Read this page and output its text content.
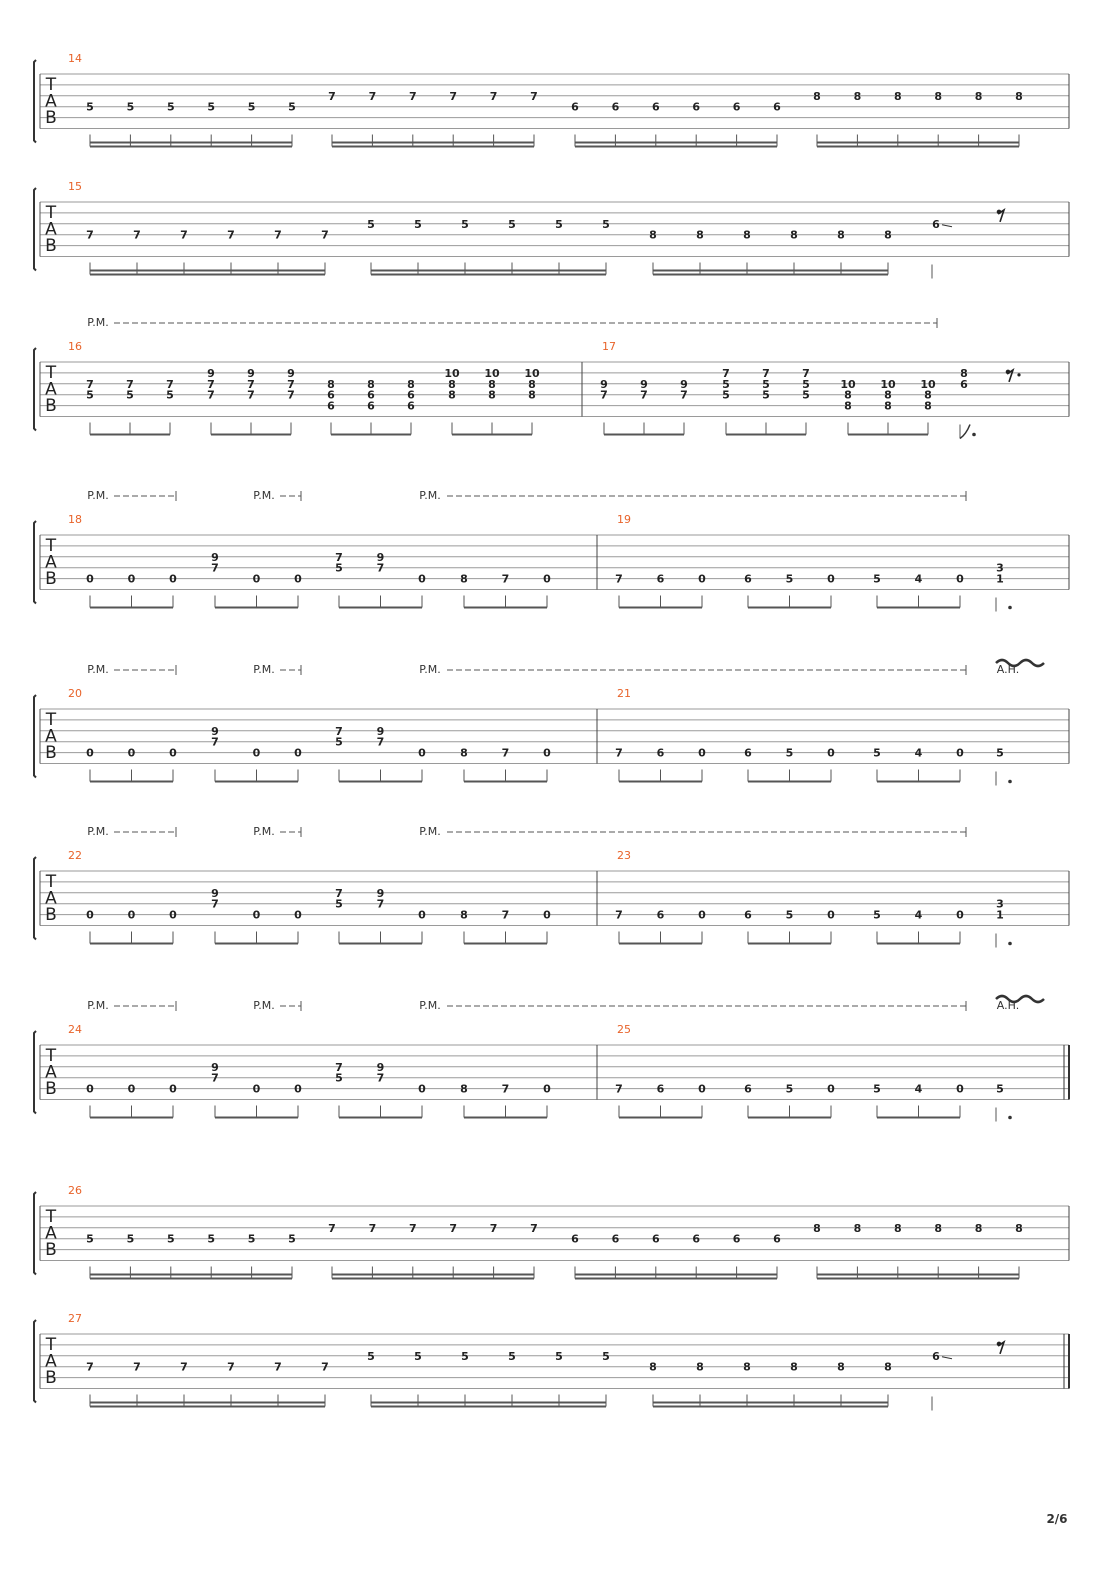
T
A
B
14
5	5	5	5	5	5
7	7	7	7	7	7
6	6	6	6	6	6
8	8	8	8	8	8
T
A
B
15
7	7	7	7	7	7
5	5	5	5	5	5
8	8	8	8	8	8
6
T
A
B
P.M.
16
7
5
7
5
7
5
9
7
7
9
7
7
9
7
7
8
6
6
8
6
6
8
6
6
10
8
8
10
8
8
10
8
8
17
9
7
9
7
9
7
7
5
5
7
5
5
7
5
5
10
8
8
10
8
8
10
8
8
8
6
T
A
B
P.M.	P.M.	P.M.
18
0	0	0
9
7
0	0
7
5
9
7
0	8	7	0
19
7	6	0	6	5	0	5	4	0
3
1
T
A
B
P.M.	P.M.	P.M.	A.H.
20
0	0	0
9
7
0	0
7
5
9
7
0	8	7	0
21
7	6	0	6	5	0	5	4	0	5
T
A
B
P.M.	P.M.	P.M.
22
0	0	0
9
7
0	0
7
5
9
7
0	8	7	0
23
7	6	0	6	5	0	5	4	0
3
1
T
A
B
P.M.	P.M.	P.M.	A.H.
24
0	0	0
9
7
0	0
7
5
9
7
0	8	7	0
25
7	6	0	6	5	0	5	4	0	5
T
A
B
26
5	5	5	5	5	5
7	7	7	7	7	7
6	6	6	6	6	6
8	8	8	8	8	8
T
A
B
27
7	7	7	7	7	7
5	5	5	5	5	5
8	8	8	8	8	8
6
2/6
